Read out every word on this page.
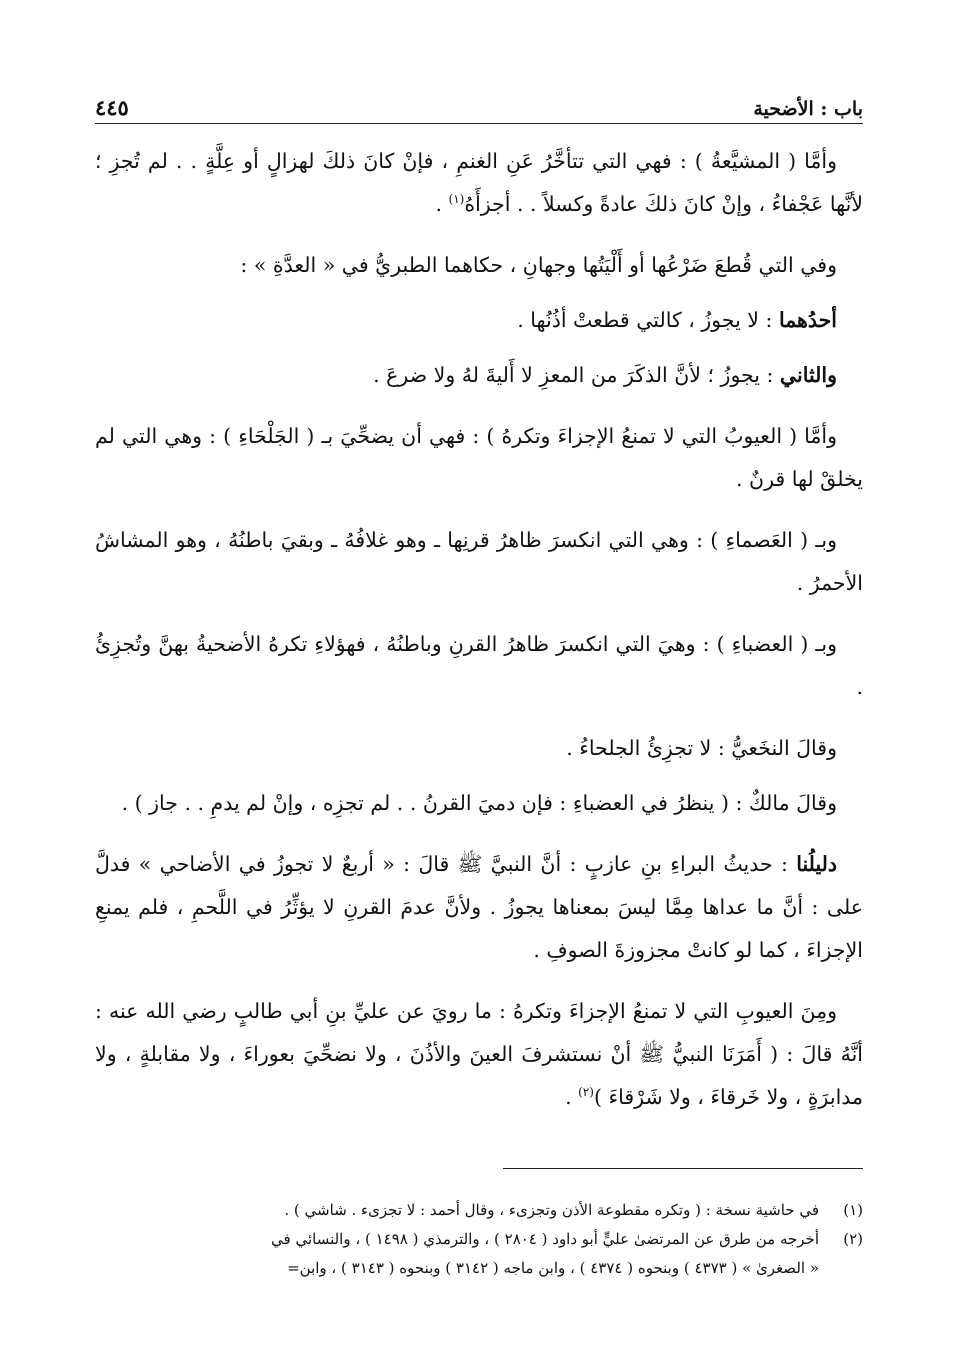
باب : الأضحية
٤٤٥

وأمَّا ( المشيَّعةُ ) : فهي التي تتأخَّرُ عَنِ الغنمِ ، فإنْ كانَ ذلكَ لهزالٍ أو عِلَّةٍ . . لم تُجزِ ؛ لأنَّها عَجْفاءُ ، وإنْ كانَ ذلكَ عادةً وكسلاً . . أجزأَهُ$^{(١)}$ .

وفي التي قُطعَ ضَرْعُها أو أَلْيَتُها وجهانِ ، حكاهما الطبريُّ في « العدَّةِ » :

أحدُهما : لا يجوزُ ، كالتي قطعتْ أذُنُها .

والثاني : يجوزُ ؛ لأنَّ الذكَرَ من المعزِ لا أَليةَ لهُ ولا ضرعَ .

وأمَّا ( العيوبُ التي لا تمنعُ الإجزاءَ وتكرهُ ) : فهي أن يضحِّيَ بـ ( الجَلْحَاءِ ) : وهي التي لم يخلقْ لها قرنٌ .

وبـ ( العَصماءِ ) : وهي التي انكسرَ ظاهرُ قرنِها ـ وهو غلافُهُ ـ وبقيَ باطنُهُ ، وهو المشاشُ الأحمرُ .

وبـ ( العضباءِ ) : وهيَ التي انكسرَ ظاهرُ القرنِ وباطنُهُ ، فهؤلاءِ تكرهُ الأضحيةُ بهنَّ وتُجزِئُ .

وقالَ النخَعيُّ : لا تجزِئُ الجلحاءُ .

وقالَ مالكٌ : ( ينظرُ في العضباءِ : فإن دميَ القرنُ . . لم تجزِه ، وإنْ لم يدمِ . . جاز ) .

دليلُنا : حديثُ البراءِ بنِ عازبٍ : أنَّ النبيَّ ﷺ قالَ : « أربعٌ لا تجوزُ في الأضاحي » فدلَّ على : أنَّ ما عداها مِمَّا ليسَ بمعناها يجوزُ . ولأنَّ عدمَ القرنِ لا يؤثِّرُ في اللَّحمِ ، فلم يمنعِ الإجزاءَ ، كما لو كانتْ مجزوزةَ الصوفِ .

ومِنَ العيوبِ التي لا تمنعُ الإجزاءَ وتكرهُ : ما رويَ عن عليِّ بنِ أبي طالبٍ رضي الله عنه : أنَّهُ قالَ : ( أَمَرَنَا النبيُّ ﷺ أنْ نستشرفَ العينَ والأذُنَ ، ولا نضحِّيَ بعوراءَ ، ولا مقابلةٍ ، ولا مدابرَةٍ ، ولا خَرقاءَ ، ولا شَرْقاءَ )$^{(٢)}$ .

(١)في حاشية نسخة : ( وتكره مقطوعة الأذن وتجزىء ، وقال أحمد : لا تجزىء . شاشي ) .

(٢)أخرجه من طرق عن المرتضىٰ عليٍّ أبو داود ( ٢٨٠٤ ) ، والترمذي ( ١٤٩٨ ) ، والنسائي في

« الصغرىٰ » ( ٤٣٧٣ ) وبنحوه ( ٤٣٧٤ ) ، وابن ماجه ( ٣١٤٢ ) وبنحوه ( ٣١٤٣ ) ، وابن=
